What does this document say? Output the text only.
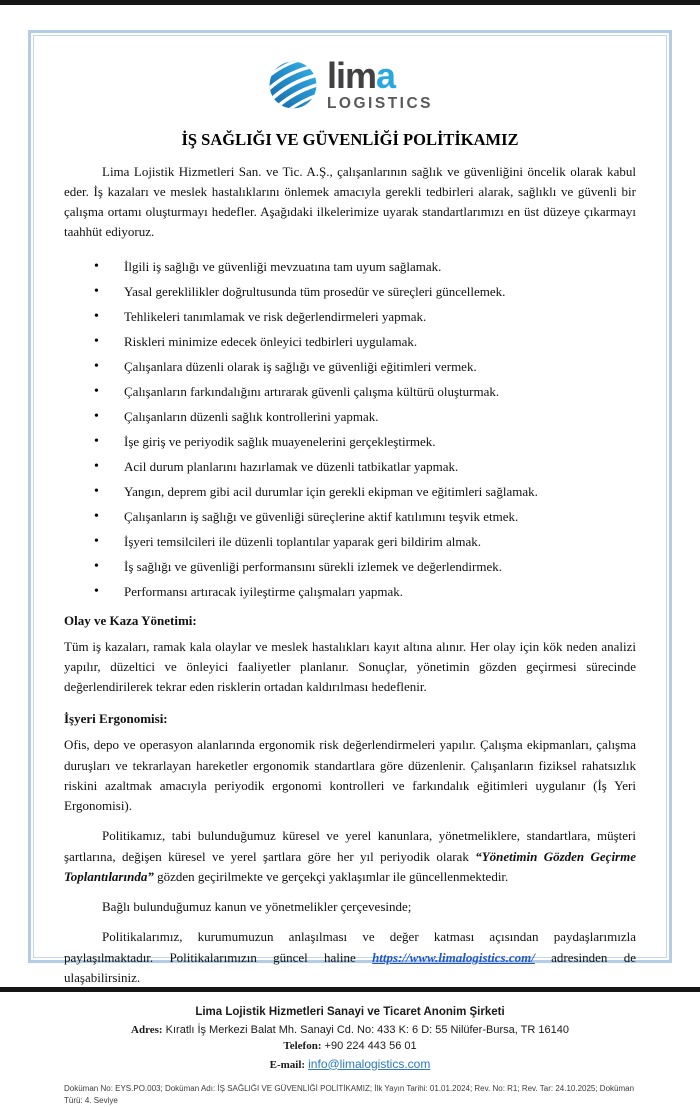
lima
LOGISTICS
İŞ SAĞLIĞI VE GÜVENLİĞİ POLİTİKAMIZ

Lima Lojistik Hizmetleri San. ve Tic. A.Ş., çalışanlarının sağlık ve güvenliğini öncelik olarak kabul eder. İş kazaları ve meslek hastalıklarını önlemek amacıyla gerekli tedbirleri alarak, sağlıklı ve güvenli bir çalışma ortamı oluşturmayı hedefler. Aşağıdaki ilkelerimize uyarak standartlarımızı en üst düzeye çıkarmayı taahhüt ediyoruz.

• İlgili iş sağlığı ve güvenliği mevzuatına tam uyum sağlamak.
• Yasal gereklilikler doğrultusunda tüm prosedür ve süreçleri güncellemek.
• Tehlikeleri tanımlamak ve risk değerlendirmeleri yapmak.
• Riskleri minimize edecek önleyici tedbirleri uygulamak.
• Çalışanlara düzenli olarak iş sağlığı ve güvenliği eğitimleri vermek.
• Çalışanların farkındalığını artırarak güvenli çalışma kültürü oluşturmak.
• Çalışanların düzenli sağlık kontrollerini yapmak.
• İşe giriş ve periyodik sağlık muayenelerini gerçekleştirmek.
• Acil durum planlarını hazırlamak ve düzenli tatbikatlar yapmak.
• Yangın, deprem gibi acil durumlar için gerekli ekipman ve eğitimleri sağlamak.
• Çalışanların iş sağlığı ve güvenliği süreçlerine aktif katılımını teşvik etmek.
• İşyeri temsilcileri ile düzenli toplantılar yaparak geri bildirim almak.
• İş sağlığı ve güvenliği performansını sürekli izlemek ve değerlendirmek.
• Performansı artıracak iyileştirme çalışmaları yapmak.
Olay ve Kaza Yönetimi:

Tüm iş kazaları, ramak kala olaylar ve meslek hastalıkları kayıt altına alınır. Her olay için kök neden analizi yapılır, düzeltici ve önleyici faaliyetler planlanır. Sonuçlar, yönetimin gözden geçirmesi sürecinde değerlendirilerek tekrar eden risklerin ortadan kaldırılması hedeflenir.

İşyeri Ergonomisi:

Ofis, depo ve operasyon alanlarında ergonomik risk değerlendirmeleri yapılır. Çalışma ekipmanları, çalışma duruşları ve tekrarlayan hareketler ergonomik standartlara göre düzenlenir. Çalışanların fiziksel rahatsızlık riskini azaltmak amacıyla periyodik ergonomi kontrolleri ve farkındalık eğitimleri uygulanır (İş Yeri Ergonomisi).

Politikamız, tabi bulunduğumuz küresel ve yerel kanunlara, yönetmeliklere, standartlara, müşteri şartlarına, değişen küresel ve yerel şartlara göre her yıl periyodik olarak “Yönetimin Gözden Geçirme Toplantılarında” gözden geçirilmekte ve gerçekçi yaklaşımlar ile güncellenmektedir.

Bağlı bulunduğumuz kanun ve yönetmelikler çerçevesinde;

Politikalarımız, kurumumuzun anlaşılması ve değer katması açısından paydaşlarımızla paylaşılmaktadır. Politikalarımızın güncel haline https://www.limalogistics.com/ adresinden de ulaşabilirsiniz.

Lima Lojistik Hizmetleri Sanayi ve Ticaret Anonim Şirketi
Adres: Kıratlı İş Merkezi Balat Mh. Sanayi Cd. No: 433 K: 6 D: 55 Nilüfer-Bursa, TR 16140
Telefon: +90 224 443 56 01
E-mail: info@limalogistics.com
Doküman No: EYS.PO.003; Doküman Adı: İŞ SAĞLIĞI VE GÜVENLİĞİ POLİTİKAMIZ; İlk Yayın Tarihi: 01.01.2024; Rev. No: R1; Rev. Tar: 24.10.2025; Doküman Türü: 4. Seviye
